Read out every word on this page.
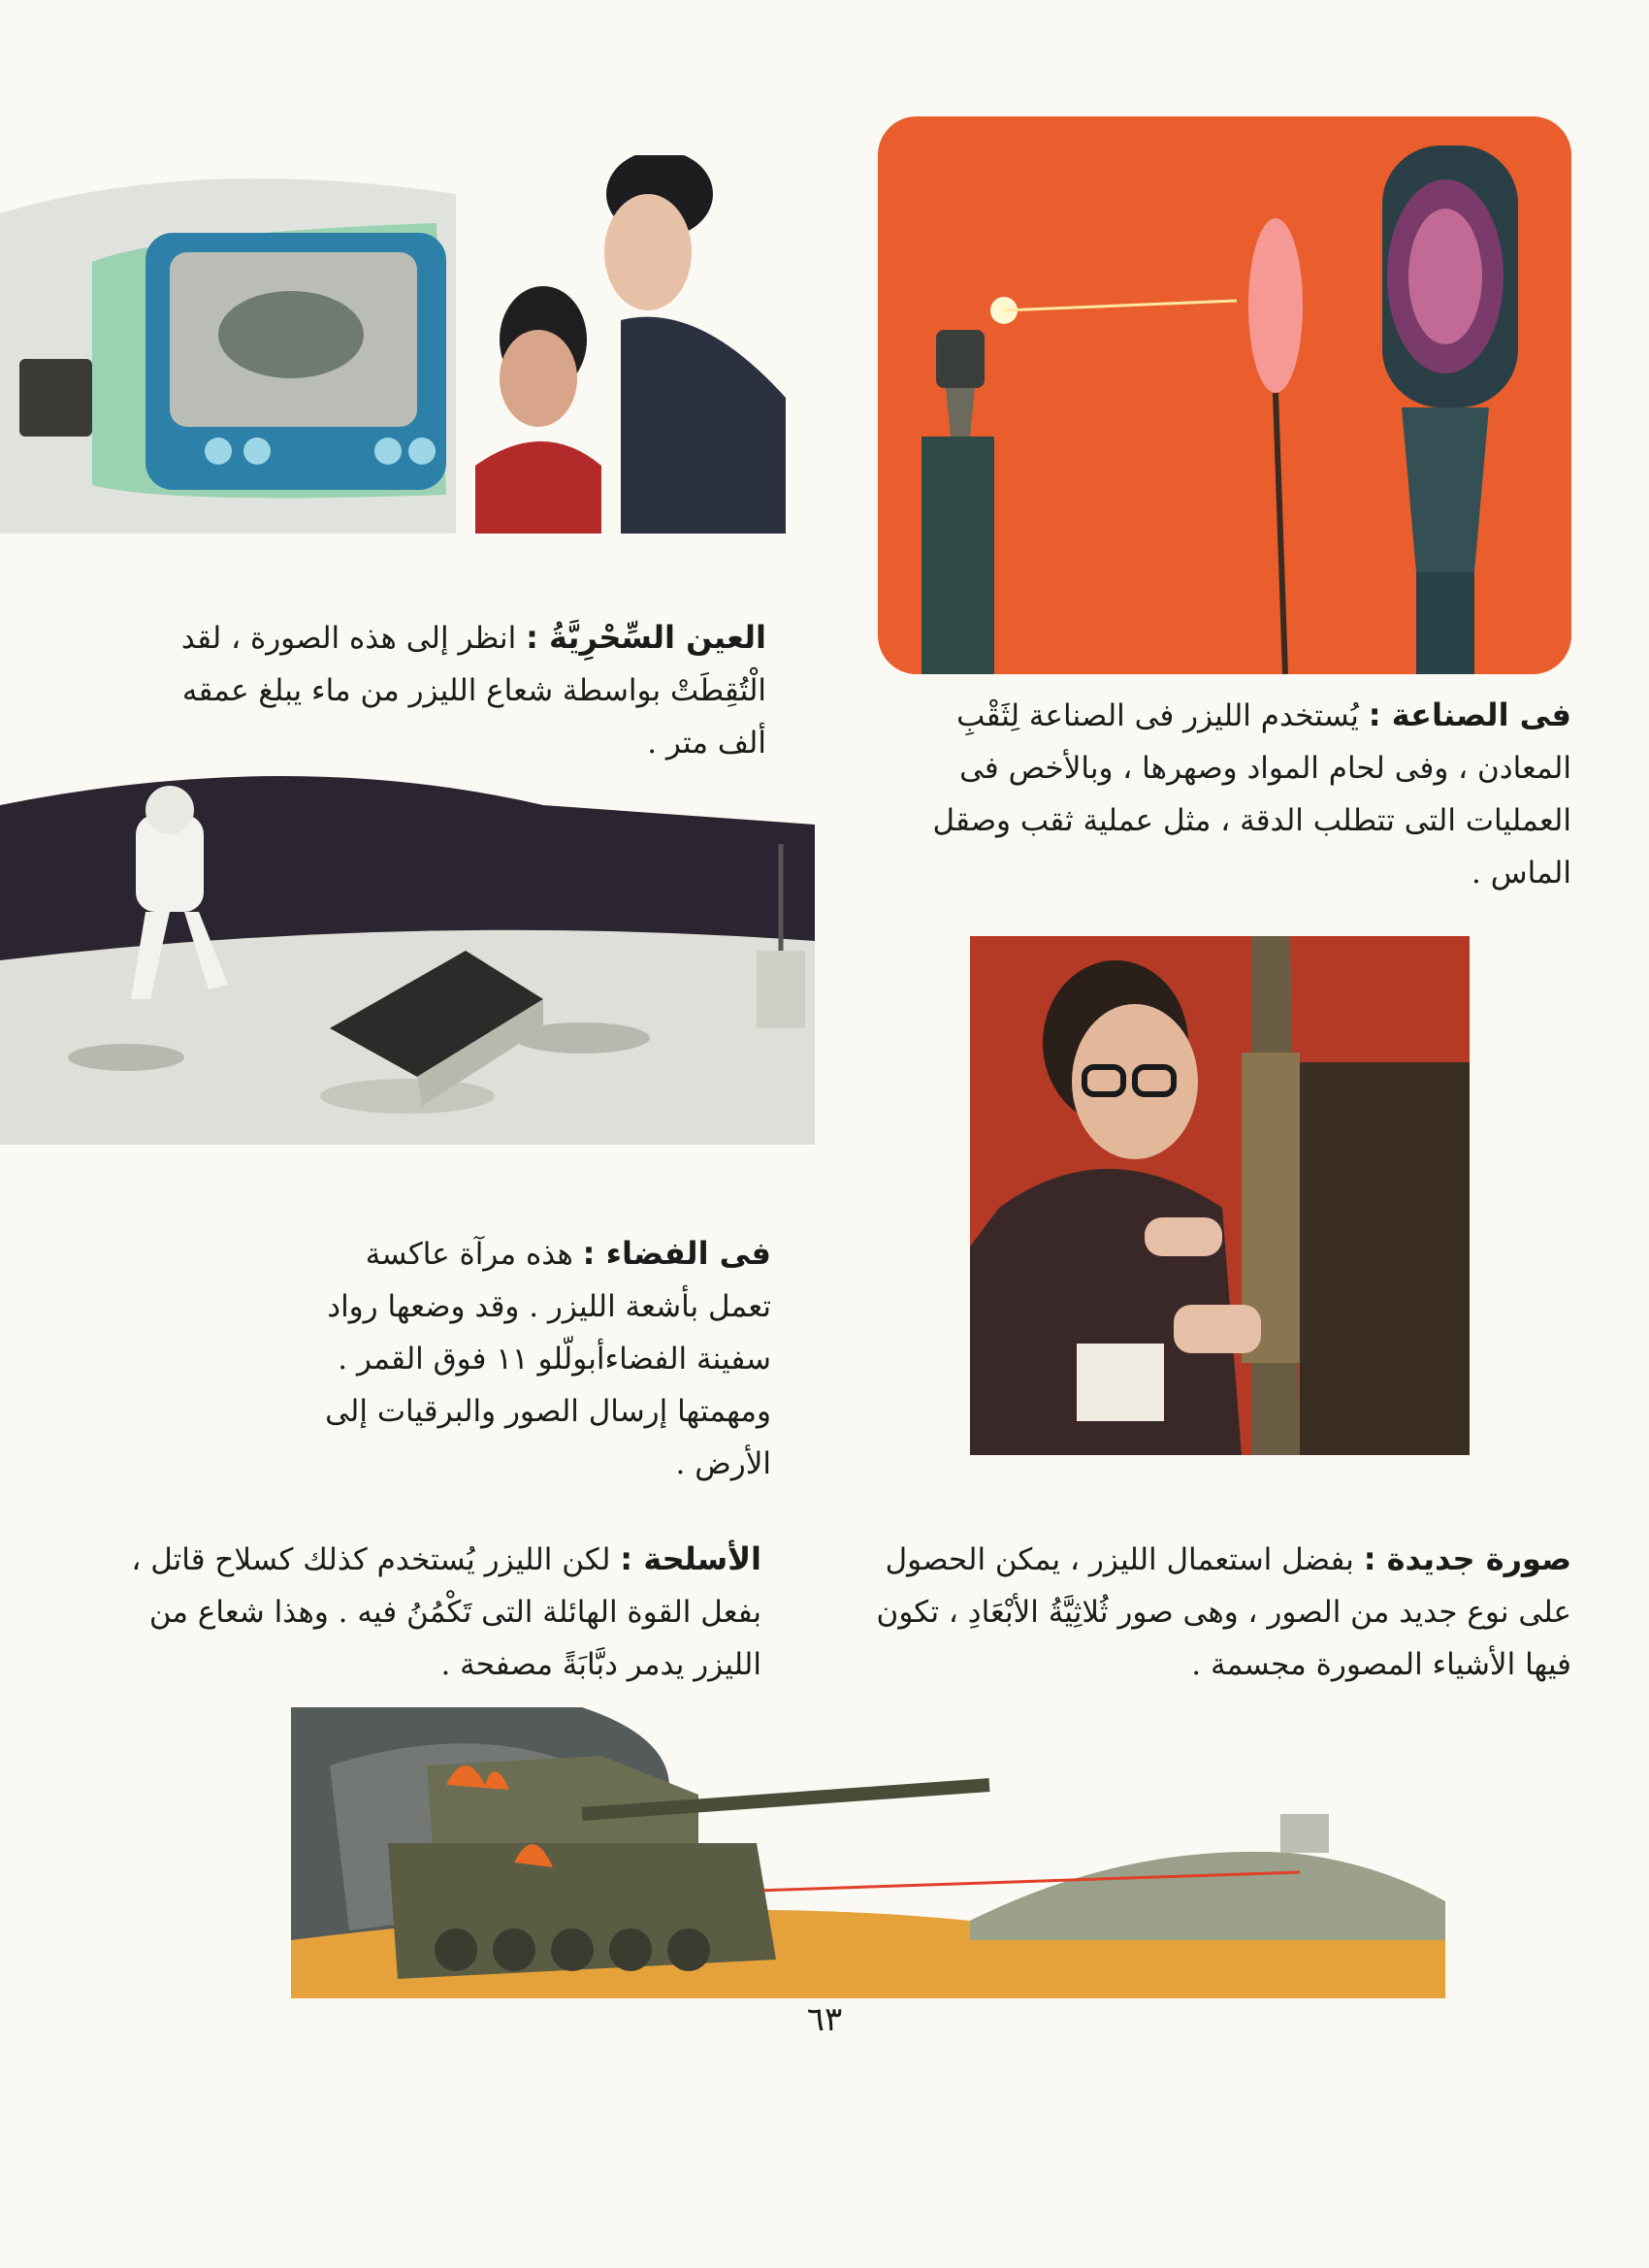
العين السِّحْرِيَّةُ : انظر إلى هذه الصورة ، لقد الْتُقِطَتْ بواسطة شعاع الليزر من ماء يبلغ عمقه ألف متر .
فى الصناعة : يُستخدم الليزر فى الصناعة لِثَقْبِ المعادن ، وفى لحام المواد وصهرها ، وبالأخص فى العمليات التى تتطلب الدقة ، مثل عملية ثقب وصقل الماس .
فى الفضاء : هذه مرآة عاكسة تعمل بأشعة الليزر . وقد وضعها رواد سفينة الفضاءأبولّلو ١١ فوق القمر . ومهمتها إرسال الصور والبرقيات إلى الأرض .
صورة جديدة : بفضل استعمال الليزر ، يمكن الحصول على نوع جديد من الصور ، وهى صور ثُلاثِيَّةُ الأبْعَادِ ، تكون فيها الأشياء المصورة مجسمة .
الأسلحة : لكن الليزر يُستخدم كذلك كسلاح قاتل ، بفعل القوة الهائلة التى تَكْمُنُ فيه . وهذا شعاع من الليزر يدمر دبَّابَةً مصفحة .
٦٣
